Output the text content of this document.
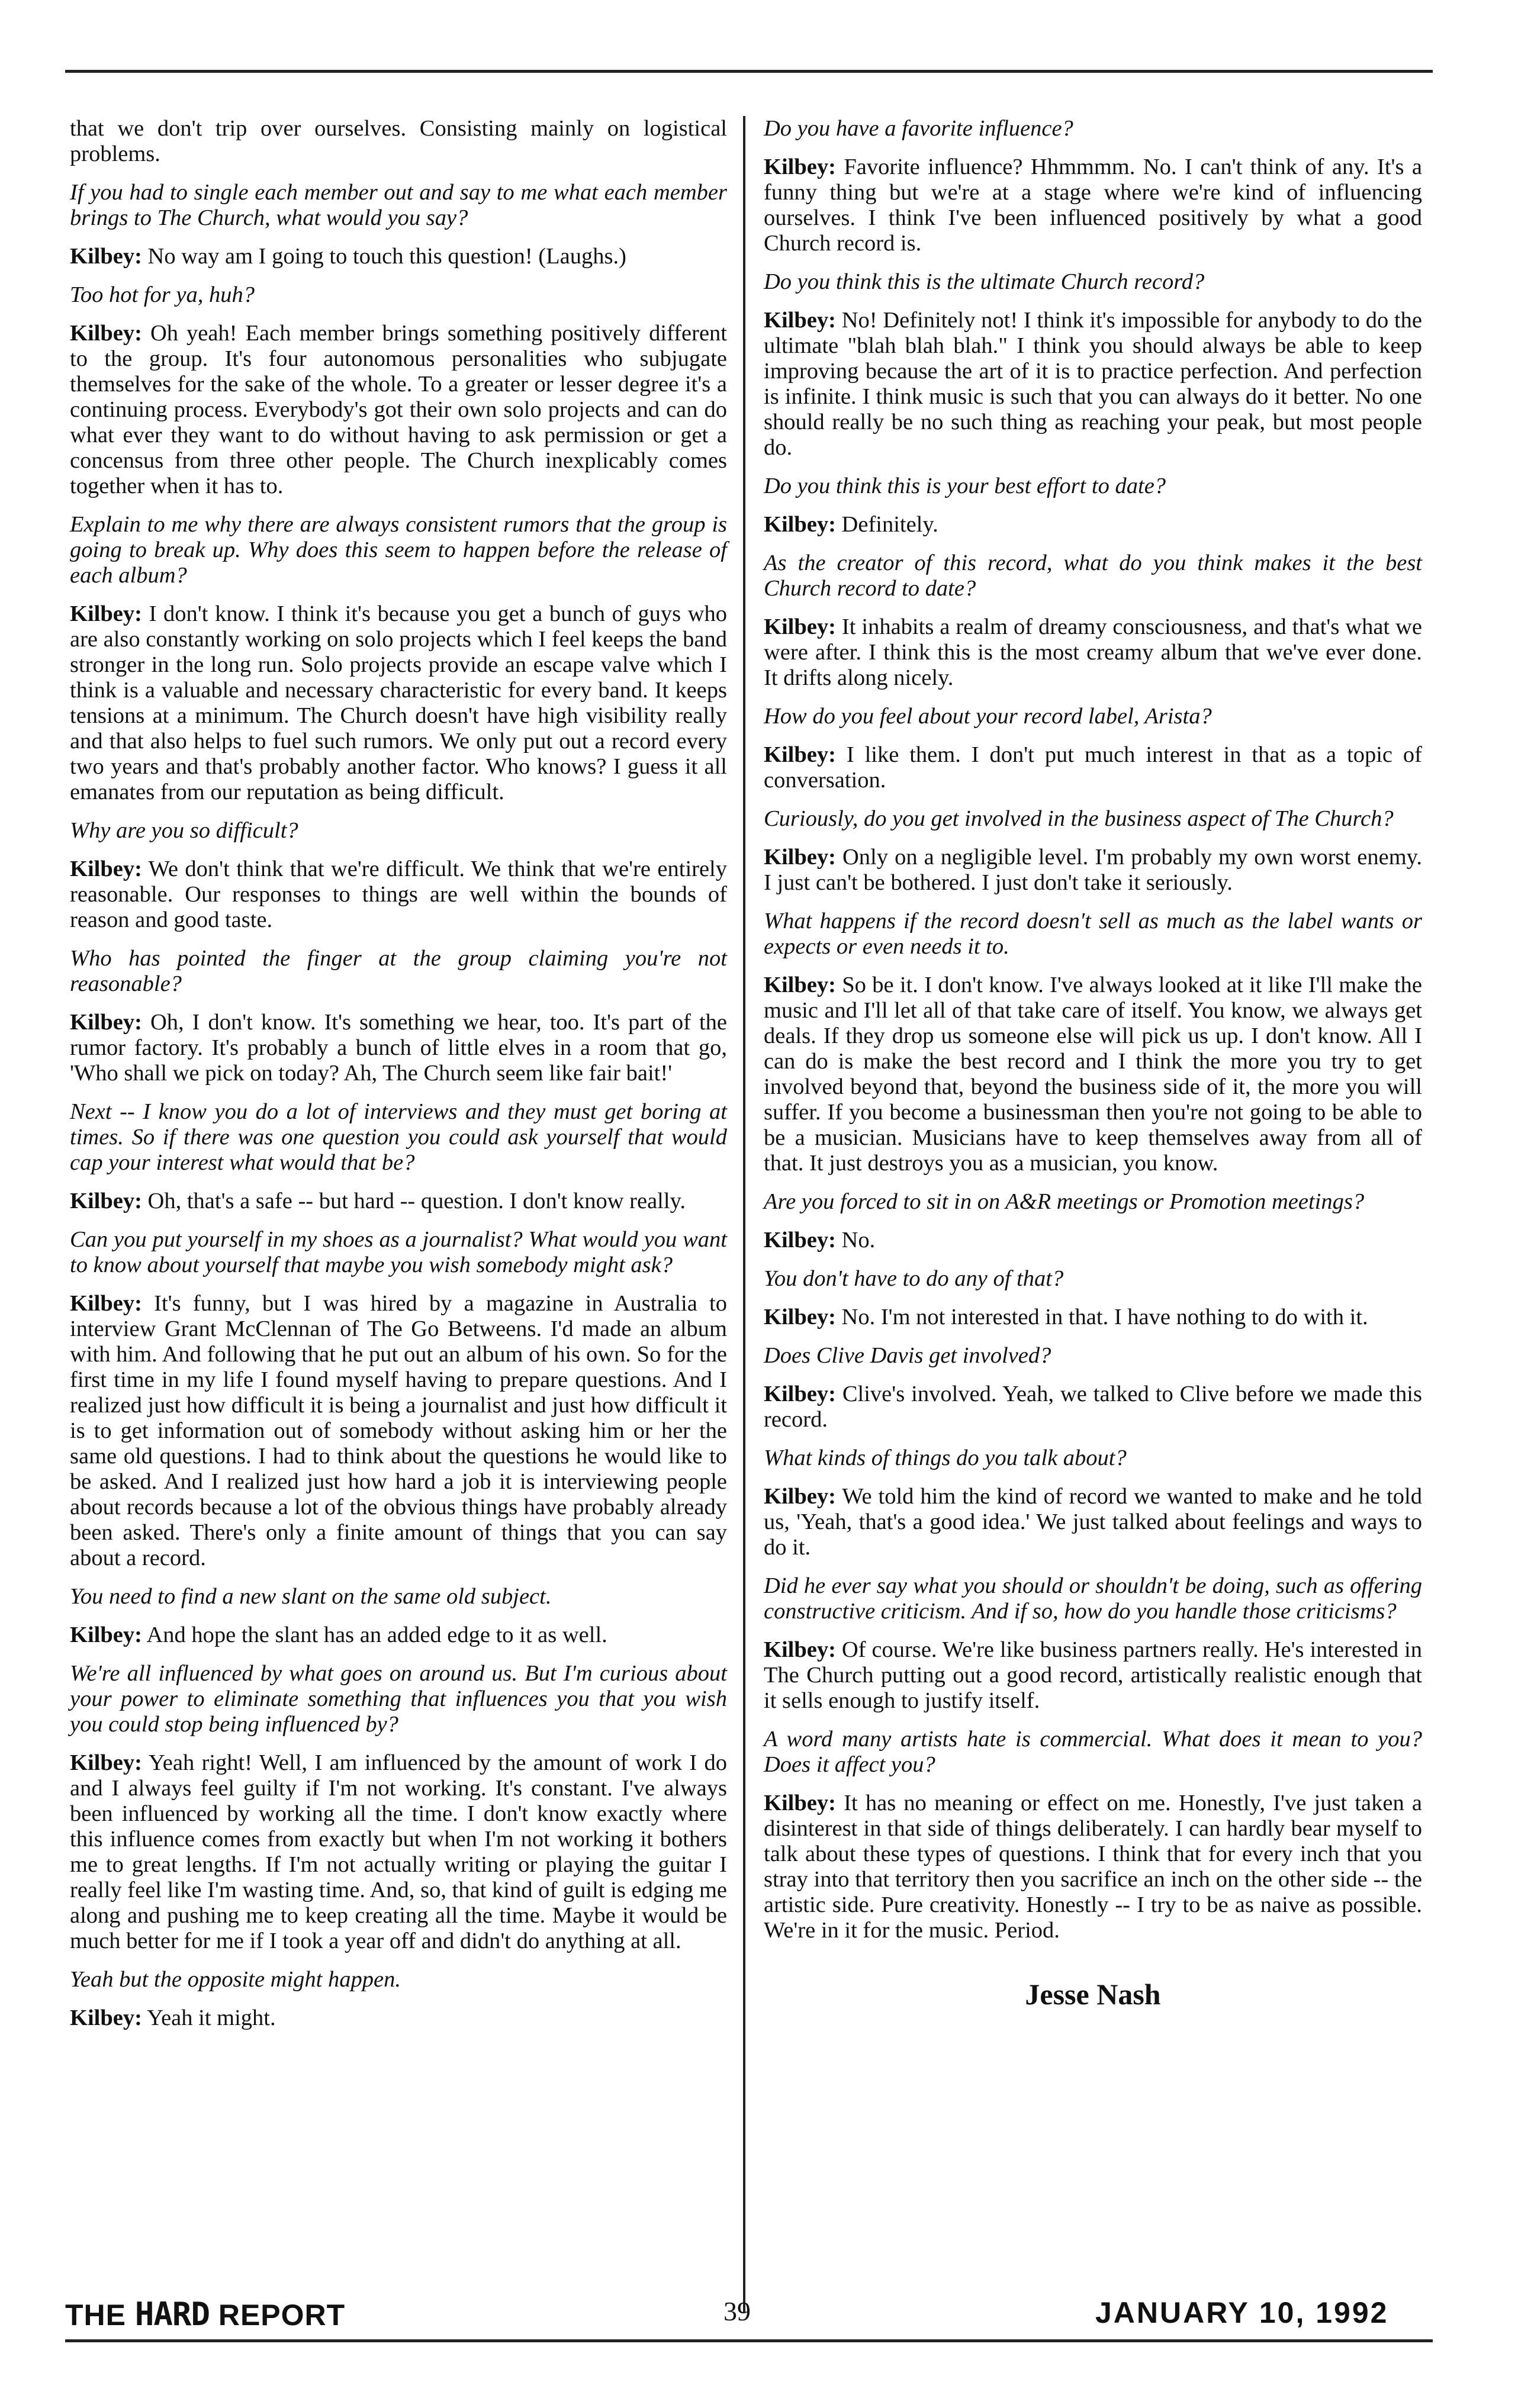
that we don't trip over ourselves. Consisting mainly on logistical problems.

If you had to single each member out and say to me what each member brings to The Church, what would you say?

Kilbey: No way am I going to touch this question! (Laughs.)

Too hot for ya, huh?

Kilbey: Oh yeah! Each member brings something positively different to the group. It's four autonomous personalities who subjugate themselves for the sake of the whole. To a greater or lesser degree it's a continuing process. Everybody's got their own solo projects and can do what ever they want to do without having to ask permission or get a concensus from three other people. The Church inexplicably comes together when it has to.

Explain to me why there are always consistent rumors that the group is going to break up. Why does this seem to happen before the release of each album?

Kilbey: I don't know. I think it's because you get a bunch of guys who are also constantly working on solo projects which I feel keeps the band stronger in the long run. Solo projects provide an escape valve which I think is a valuable and necessary characteristic for every band. It keeps tensions at a minimum. The Church doesn't have high visibility really and that also helps to fuel such rumors. We only put out a record every two years and that's probably another factor. Who knows? I guess it all emanates from our reputation as being difficult.

Why are you so difficult?

Kilbey: We don't think that we're difficult. We think that we're entirely reasonable. Our responses to things are well within the bounds of reason and good taste.

Who has pointed the finger at the group claiming you're not reasonable?

Kilbey: Oh, I don't know. It's something we hear, too. It's part of the rumor factory. It's probably a bunch of little elves in a room that go, 'Who shall we pick on today? Ah, The Church seem like fair bait!'

Next -- I know you do a lot of interviews and they must get boring at times. So if there was one question you could ask yourself that would cap your interest what would that be?

Kilbey: Oh, that's a safe -- but hard -- question. I don't know really.

Can you put yourself in my shoes as a journalist? What would you want to know about yourself that maybe you wish somebody might ask?

Kilbey: It's funny, but I was hired by a magazine in Australia to interview Grant McClennan of The Go Betweens. I'd made an album with him. And following that he put out an album of his own. So for the first time in my life I found myself having to prepare questions. And I realized just how difficult it is being a journalist and just how difficult it is to get information out of somebody without asking him or her the same old questions. I had to think about the questions he would like to be asked. And I realized just how hard a job it is interviewing people about records because a lot of the obvious things have probably already been asked. There's only a finite amount of things that you can say about a record.

You need to find a new slant on the same old subject.

Kilbey: And hope the slant has an added edge to it as well.

We're all influenced by what goes on around us. But I'm curious about your power to eliminate something that influences you that you wish you could stop being influenced by?

Kilbey: Yeah right! Well, I am influenced by the amount of work I do and I always feel guilty if I'm not working. It's constant. I've always been influenced by working all the time. I don't know exactly where this influence comes from exactly but when I'm not working it bothers me to great lengths. If I'm not actually writing or playing the guitar I really feel like I'm wasting time. And, so, that kind of guilt is edging me along and pushing me to keep creating all the time. Maybe it would be much better for me if I took a year off and didn't do anything at all.

Yeah but the opposite might happen.

Kilbey: Yeah it might.

Do you have a favorite influence?

Kilbey: Favorite influence? Hhmmmm. No. I can't think of any. It's a funny thing but we're at a stage where we're kind of influencing ourselves. I think I've been influenced positively by what a good Church record is.

Do you think this is the ultimate Church record?

Kilbey: No! Definitely not! I think it's impossible for anybody to do the ultimate "blah blah blah." I think you should always be able to keep improving because the art of it is to practice perfection. And perfection is infinite. I think music is such that you can always do it better. No one should really be no such thing as reaching your peak, but most people do.

Do you think this is your best effort to date?

Kilbey: Definitely.

As the creator of this record, what do you think makes it the best Church record to date?

Kilbey: It inhabits a realm of dreamy consciousness, and that's what we were after. I think this is the most creamy album that we've ever done. It drifts along nicely.

How do you feel about your record label, Arista?

Kilbey: I like them. I don't put much interest in that as a topic of conversation.

Curiously, do you get involved in the business aspect of The Church?

Kilbey: Only on a negligible level. I'm probably my own worst enemy. I just can't be bothered. I just don't take it seriously.

What happens if the record doesn't sell as much as the label wants or expects or even needs it to.

Kilbey: So be it. I don't know. I've always looked at it like I'll make the music and I'll let all of that take care of itself. You know, we always get deals. If they drop us someone else will pick us up. I don't know. All I can do is make the best record and I think the more you try to get involved beyond that, beyond the business side of it, the more you will suffer. If you become a businessman then you're not going to be able to be a musician. Musicians have to keep themselves away from all of that. It just destroys you as a musician, you know.

Are you forced to sit in on A&R meetings or Promotion meetings?

Kilbey: No.

You don't have to do any of that?

Kilbey: No. I'm not interested in that. I have nothing to do with it.

Does Clive Davis get involved?

Kilbey: Clive's involved. Yeah, we talked to Clive before we made this record.

What kinds of things do you talk about?

Kilbey: We told him the kind of record we wanted to make and he told us, 'Yeah, that's a good idea.' We just talked about feelings and ways to do it.

Did he ever say what you should or shouldn't be doing, such as offering constructive criticism. And if so, how do you handle those criticisms?

Kilbey: Of course. We're like business partners really. He's interested in The Church putting out a good record, artistically realistic enough that it sells enough to justify itself.

A word many artists hate is commercial. What does it mean to you? Does it affect you?

Kilbey: It has no meaning or effect on me. Honestly, I've just taken a disinterest in that side of things deliberately. I can hardly bear myself to talk about these types of questions. I think that for every inch that you stray into that territory then you sacrifice an inch on the other side -- the artistic side. Pure creativity. Honestly -- I try to be as naive as possible. We're in it for the music. Period.

Jesse Nash

THE HARD REPORT	39	JANUARY 10, 1992
